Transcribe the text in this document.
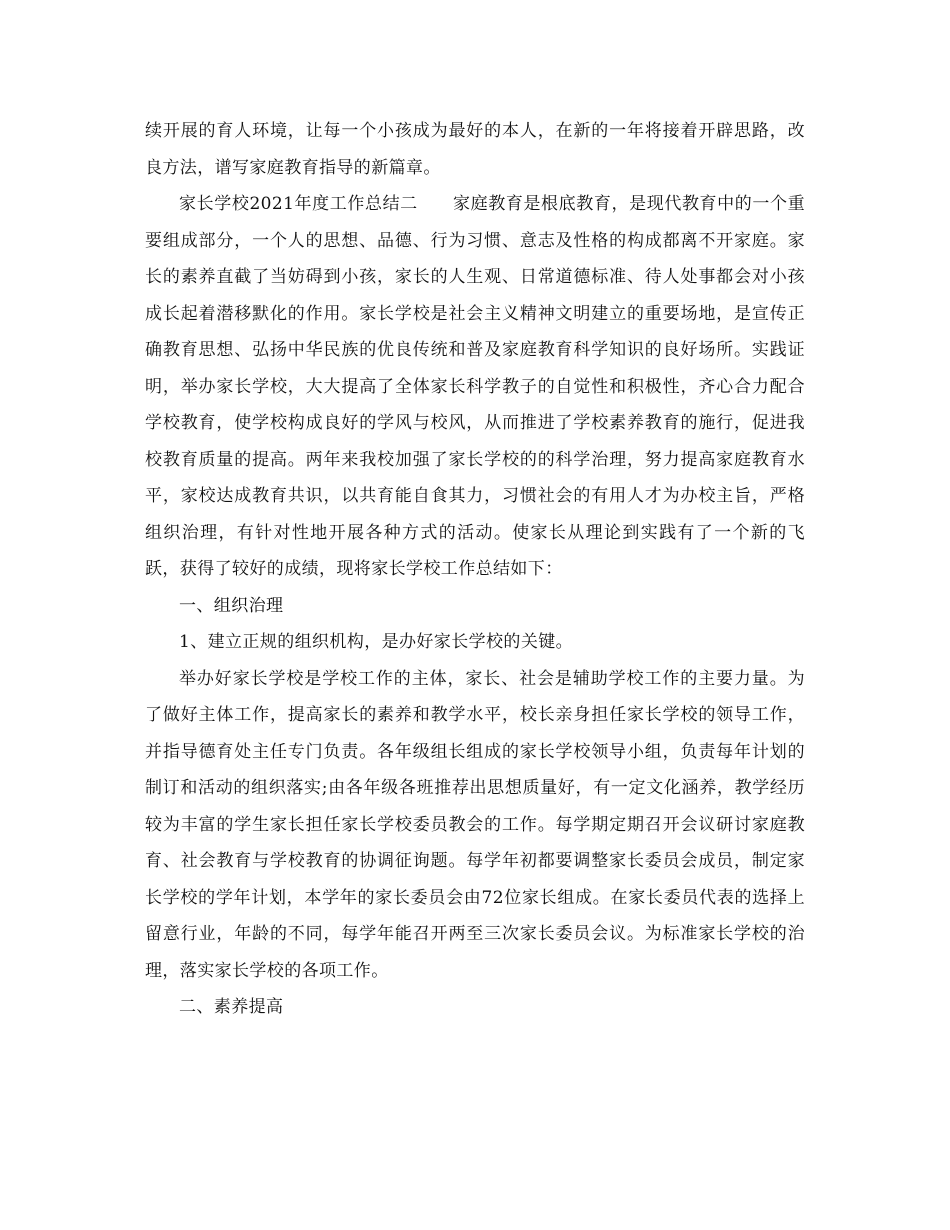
续开展的育人环境，让每一个小孩成为最好的本人，在新的一年将接着开辟思路，改良方法，谱写家庭教育指导的新篇章。

家长学校2021年度工作总结二　　家庭教育是根底教育，是现代教育中的一个重要组成部分，一个人的思想、品德、行为习惯、意志及性格的构成都离不开家庭。家长的素养直截了当妨碍到小孩，家长的人生观、日常道德标准、待人处事都会对小孩成长起着潜移默化的作用。家长学校是社会主义精神文明建立的重要场地，是宣传正确教育思想、弘扬中华民族的优良传统和普及家庭教育科学知识的良好场所。实践证明，举办家长学校，大大提高了全体家长科学教子的自觉性和积极性，齐心合力配合学校教育，使学校构成良好的学风与校风，从而推进了学校素养教育的施行，促进我校教育质量的提高。两年来我校加强了家长学校的的科学治理，努力提高家庭教育水平，家校达成教育共识，以共育能自食其力，习惯社会的有用人才为办校主旨，严格组织治理，有针对性地开展各种方式的活动。使家长从理论到实践有了一个新的飞跃，获得了较好的成绩，现将家长学校工作总结如下：

一、组织治理

1、建立正规的组织机构，是办好家长学校的关键。

举办好家长学校是学校工作的主体，家长、社会是辅助学校工作的主要力量。为了做好主体工作，提高家长的素养和教学水平，校长亲身担任家长学校的领导工作，并指导德育处主任专门负责。各年级组长组成的家长学校领导小组，负责每年计划的制订和活动的组织落实;由各年级各班推荐出思想质量好，有一定文化涵养，教学经历较为丰富的学生家长担任家长学校委员教会的工作。每学期定期召开会议研讨家庭教育、社会教育与学校教育的协调征询题。每学年初都要调整家长委员会成员，制定家长学校的学年计划，本学年的家长委员会由72位家长组成。在家长委员代表的选择上留意行业，年龄的不同，每学年能召开两至三次家长委员会议。为标准家长学校的治理，落实家长学校的各项工作。

二、素养提高
